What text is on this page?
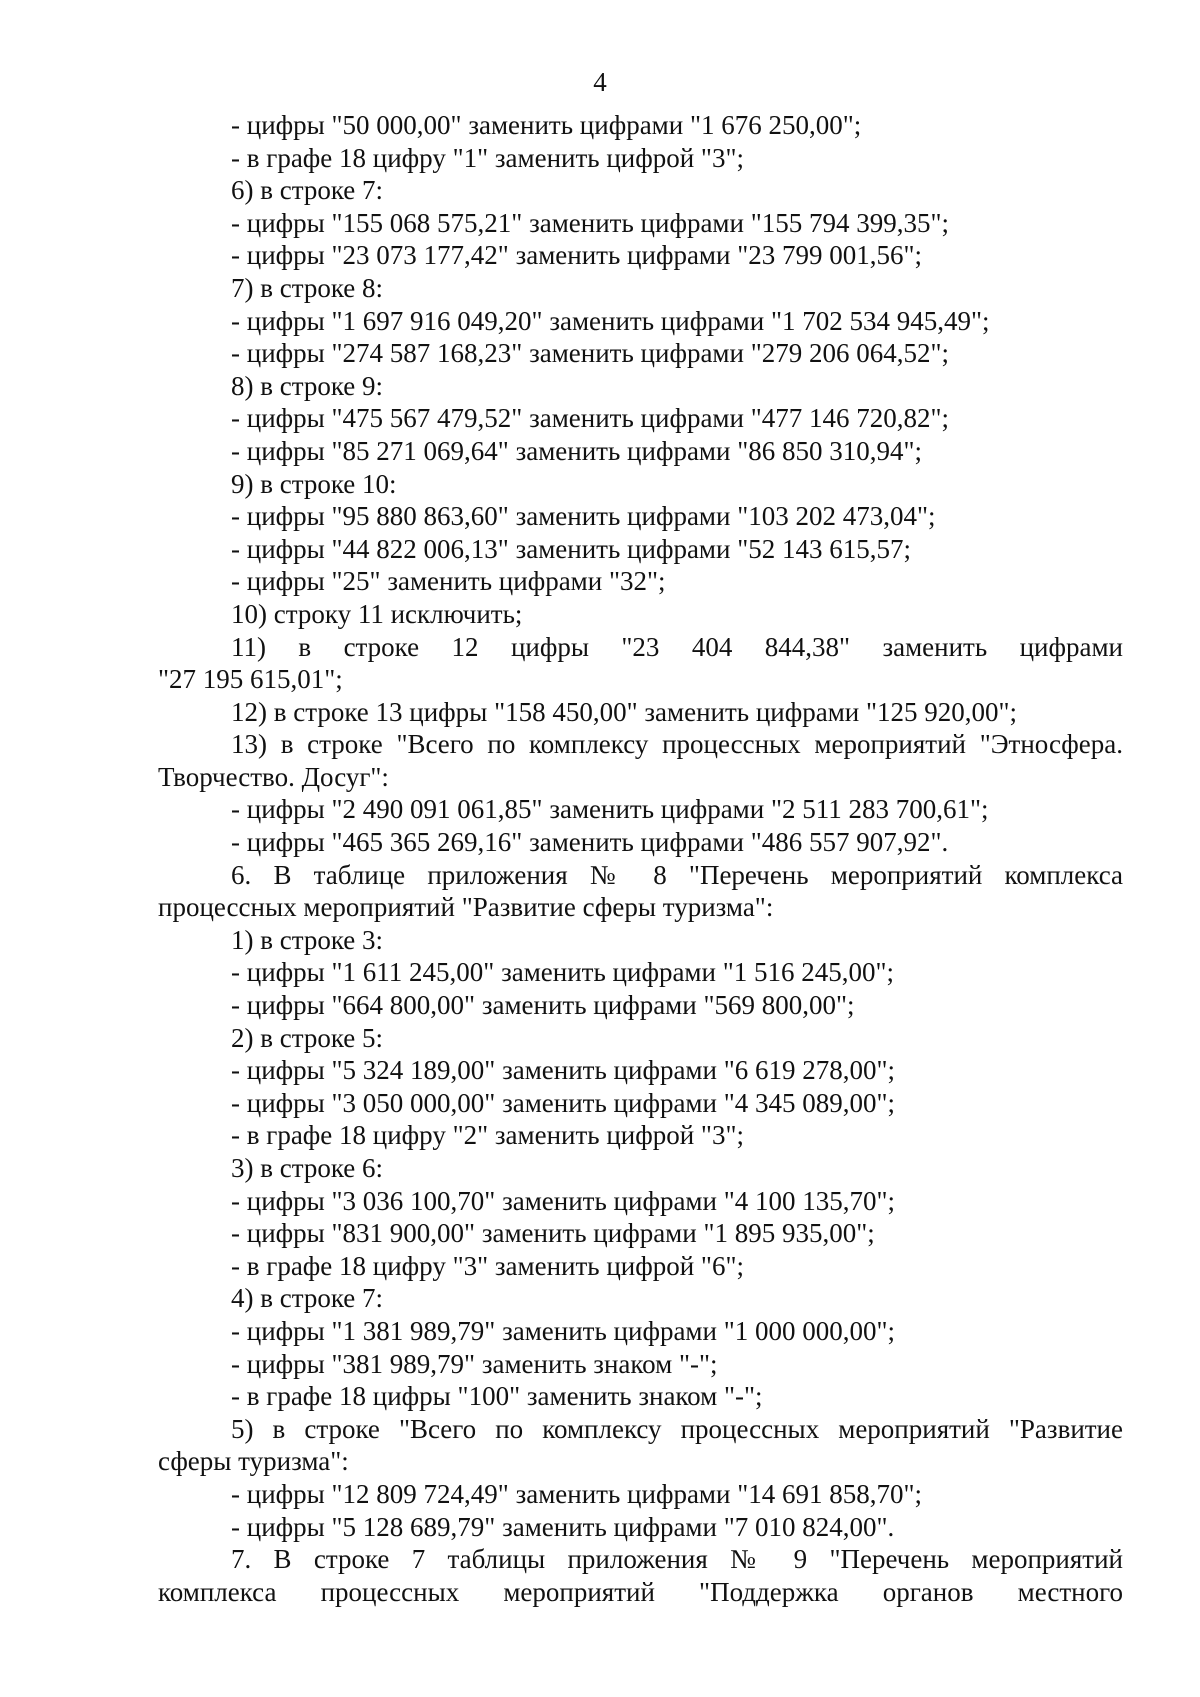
4
- цифры "50 000,00" заменить цифрами "1 676 250,00";
- в графе 18 цифру "1" заменить цифрой "3";
6) в строке 7:
- цифры "155 068 575,21" заменить цифрами "155 794 399,35";
- цифры "23 073 177,42" заменить цифрами "23 799 001,56";
7) в строке 8:
- цифры "1 697 916 049,20" заменить цифрами "1 702 534 945,49";
- цифры "274 587 168,23" заменить цифрами "279 206 064,52";
8) в строке 9:
- цифры "475 567 479,52" заменить цифрами "477 146 720,82";
- цифры "85 271 069,64" заменить цифрами "86 850 310,94";
9) в строке 10:
- цифры "95 880 863,60" заменить цифрами "103 202 473,04";
- цифры "44 822 006,13" заменить цифрами "52 143 615,57;
- цифры "25" заменить цифрами "32";
10) строку 11 исключить;
11) в строке 12 цифры "23 404 844,38" заменить цифрами
"27 195 615,01";
12) в строке 13 цифры "158 450,00" заменить цифрами "125 920,00";
13) в строке "Всего по комплексу процессных мероприятий "Этносфера.
Творчество. Досуг":
- цифры "2 490 091 061,85" заменить цифрами "2 511 283 700,61";
- цифры "465 365 269,16" заменить цифрами "486 557 907,92".
6. В таблице приложения № 8 "Перечень мероприятий комплекса
процессных мероприятий "Развитие сферы туризма":
1) в строке 3:
- цифры "1 611 245,00" заменить цифрами "1 516 245,00";
- цифры "664 800,00" заменить цифрами "569 800,00";
2) в строке 5:
- цифры "5 324 189,00" заменить цифрами "6 619 278,00";
- цифры "3 050 000,00" заменить цифрами "4 345 089,00";
- в графе 18 цифру "2" заменить цифрой "3";
3) в строке 6:
- цифры "3 036 100,70" заменить цифрами "4 100 135,70";
- цифры "831 900,00" заменить цифрами "1 895 935,00";
- в графе 18 цифру "3" заменить цифрой "6";
4) в строке 7:
- цифры "1 381 989,79" заменить цифрами "1 000 000,00";
- цифры "381 989,79" заменить знаком "-";
- в графе 18 цифры "100" заменить знаком "-";
5) в строке "Всего по комплексу процессных мероприятий "Развитие
сферы туризма":
- цифры "12 809 724,49" заменить цифрами "14 691 858,70";
- цифры "5 128 689,79" заменить цифрами "7 010 824,00".
7. В строке 7 таблицы приложения № 9 "Перечень мероприятий
комплекса процессных мероприятий "Поддержка органов местного
